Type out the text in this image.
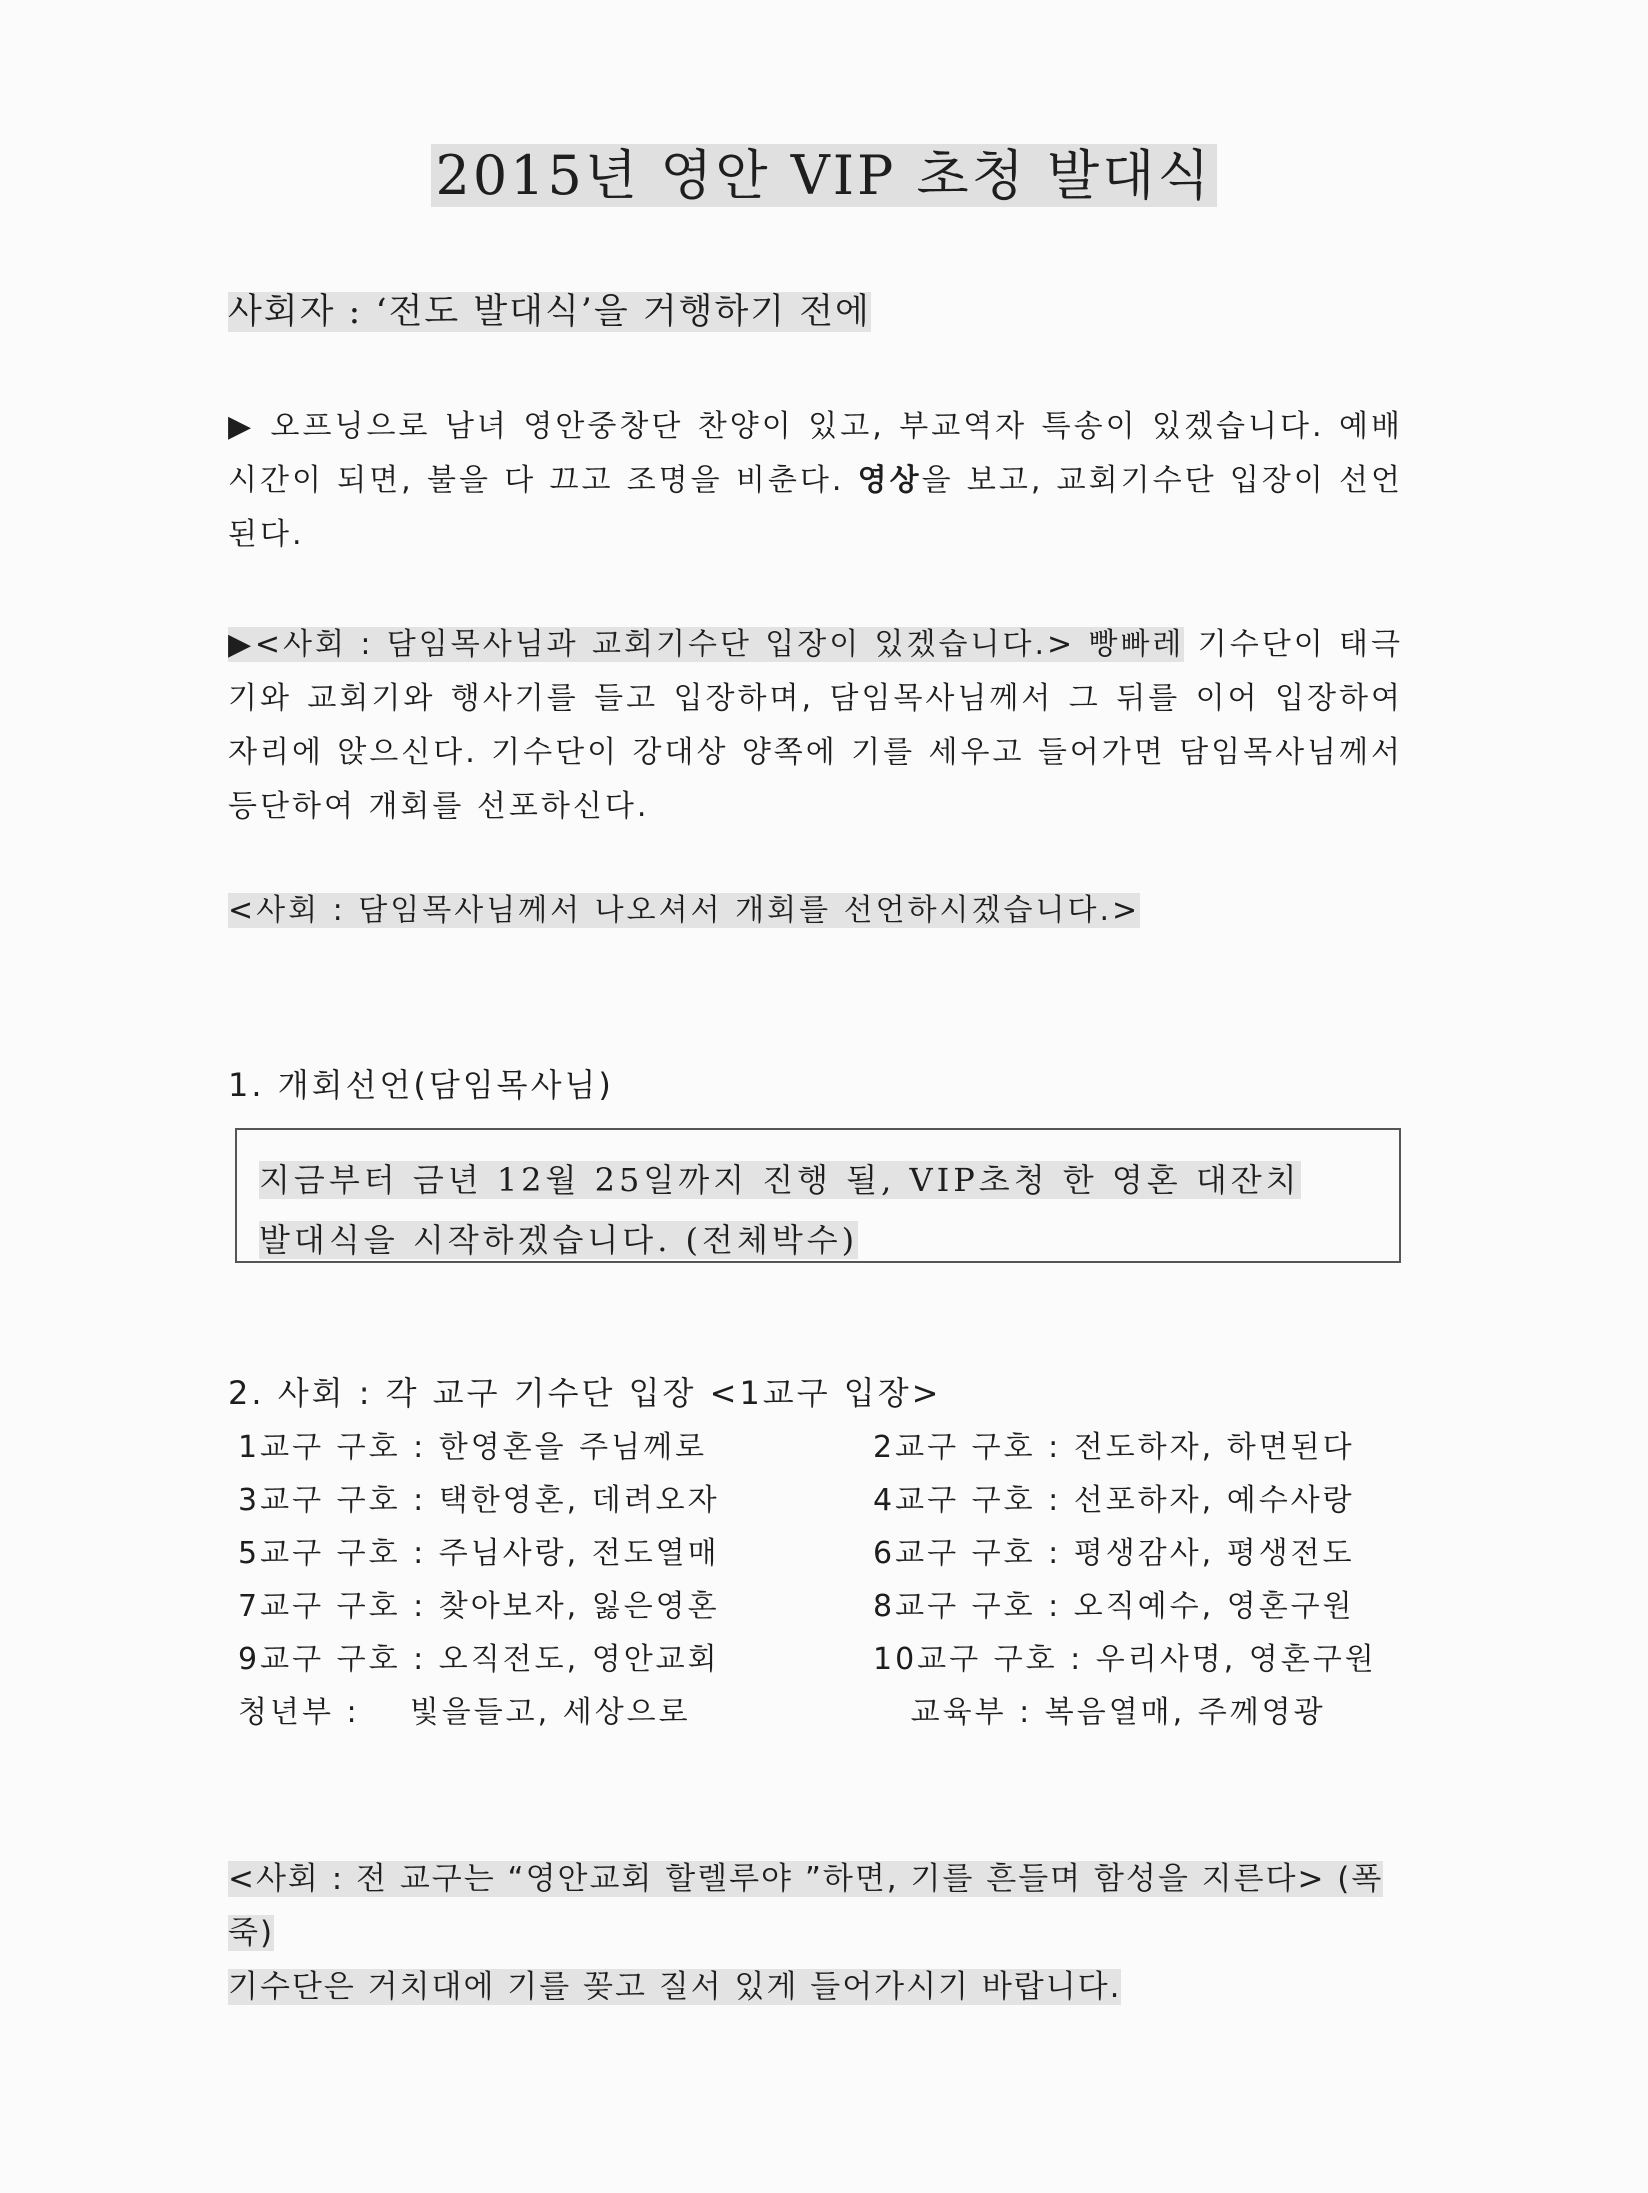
2015년 영안 VIP 초청 발대식
사회자 : ‘전도 발대식’을 거행하기 전에

▶ 오프닝으로 남녀 영안중창단 찬양이 있고, 부교역자 특송이 있겠습니다. 예배 시간이 되면, 불을 다 끄고 조명을 비춘다. 영상을 보고, 교회기수단 입장이 선언 된다.

▶<사회 : 담임목사님과 교회기수단 입장이 있겠습니다.> 빵빠레 기수단이 태극기와 교회기와 행사기를 들고 입장하며, 담임목사님께서 그 뒤를 이어 입장하여 자리에 앉으신다. 기수단이 강대상 양쪽에 기를 세우고 들어가면 담임목사님께서 등단하여 개회를 선포하신다.

<사회 : 담임목사님께서 나오셔서 개회를 선언하시겠습니다.>
1. 개회선언(담임목사님)
지금부터 금년 12월 25일까지 진행 될, VIP초청 한 영혼 대잔치
발대식을 시작하겠습니다. (전체박수)
2. 사회 : 각 교구 기수단 입장 <1교구 입장>
1교구 구호 : 한영혼을 주님께로	2교구 구호 : 전도하자, 하면된다
3교구 구호 : 택한영혼, 데려오자	4교구 구호 : 선포하자, 예수사랑
5교구 구호 : 주님사랑, 전도열매	6교구 구호 : 평생감사, 평생전도
7교구 구호 : 찾아보자, 잃은영혼	8교구 구호 : 오직예수, 영혼구원
9교구 구호 : 오직전도, 영안교회	10교구 구호 : 우리사명, 영혼구원
청년부 :    빛을들고, 세상으로	교육부 : 복음열매, 주께영광
<사회 : 전 교구는 “영안교회 할렐루야 ”하면, 기를 흔들며 함성을 지른다> (폭죽)
기수단은 거치대에 기를 꽂고 질서 있게 들어가시기 바랍니다.
